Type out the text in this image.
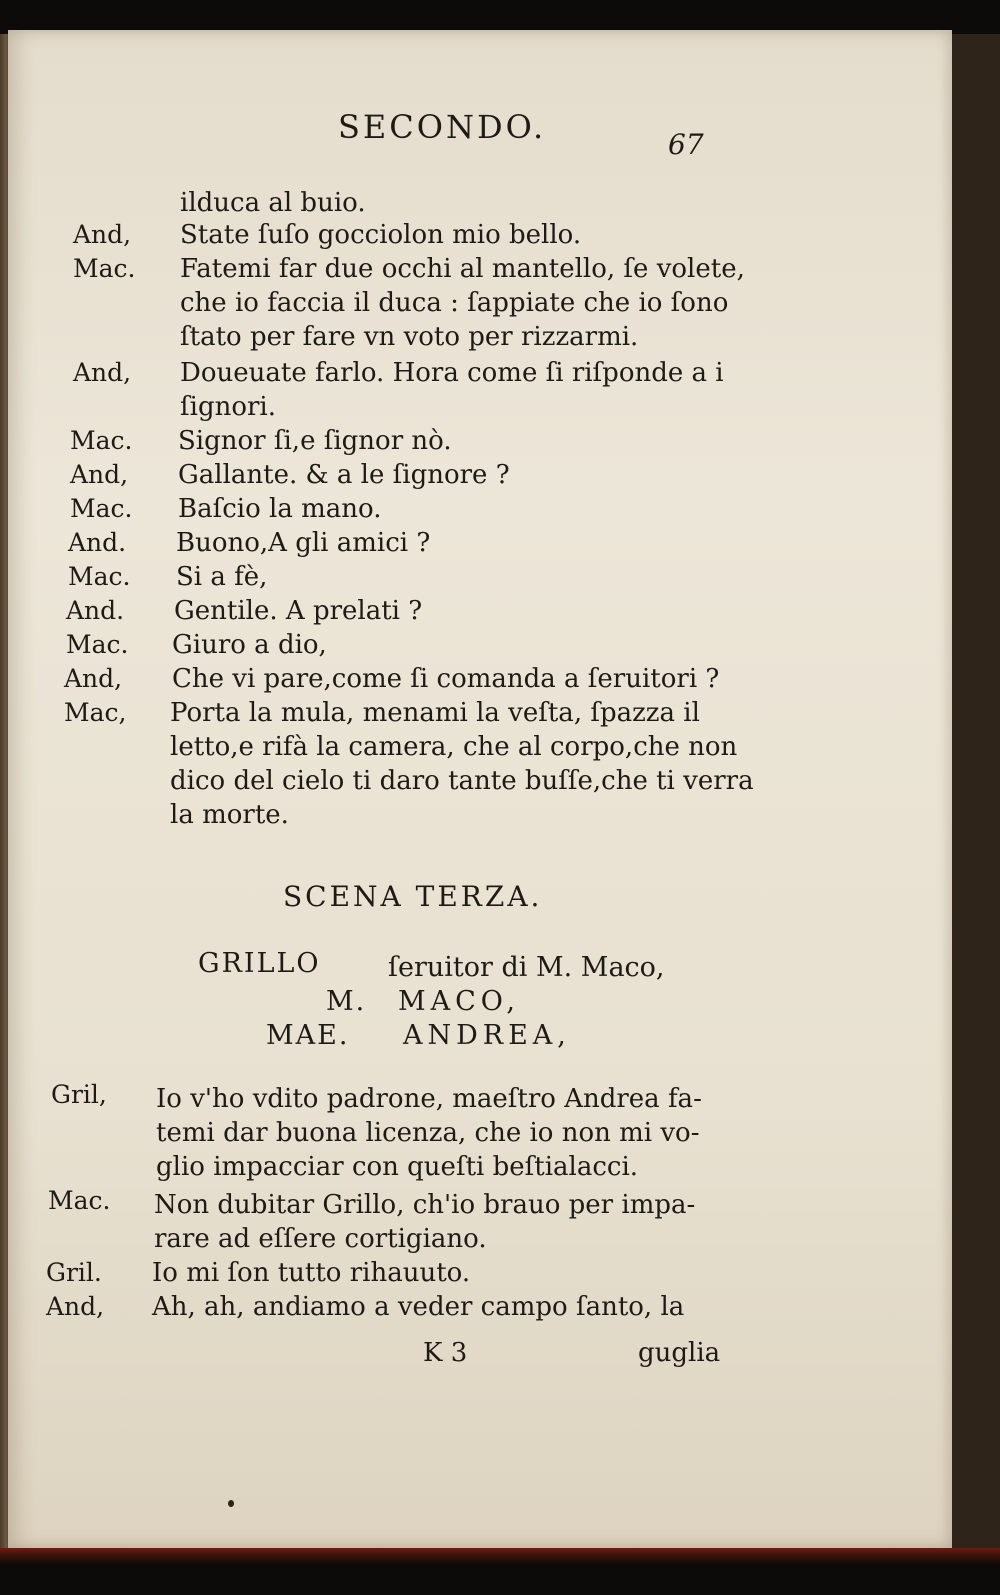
SECONDO.	67
ilduca al buio.
And, State ſuſo gocciolon mio bello.
Mac. Fatemi far due occhi al mantello, ſe volete,
che io faccia il duca : ſappiate che io ſono
ſtato per fare vn voto per rizzarmi.
And, Doueuate farlo. Hora come ſi riſponde a i
ſignori.
Mac. Signor ſi,e ſignor nò.
And, Gallante. & a le ſignore ?
Mac. Baſcio la mano.
And. Buono,A gli amici ?
Mac. Si a fè,
And. Gentile. A prelati ?
Mac. Giuro a dio,
And, Che vi pare,come ſi comanda a ſeruitori ?
Mac, Porta la mula, menami la veſta, ſpazza il
letto,e rifà la camera, che al corpo,che non
dico del cielo ti daro tante buſſe,che ti verra
la morte.
SCENA TERZA.
GRILLO ſeruitor di M. Maco,
M. MACO,
MAE. ANDREA,
Gril, Io v'ho vdito padrone, maeſtro Andrea fa-
temi dar buona licenza, che io non mi vo-
glio impacciar con queſti beſtialacci.
Mac. Non dubitar Grillo, ch'io brauo per impa-
rare ad eſſere cortigiano.
Gril. Io mi ſon tutto rihauuto.
And, Ah, ah, andiamo a veder campo ſanto, la
K 3	guglia
